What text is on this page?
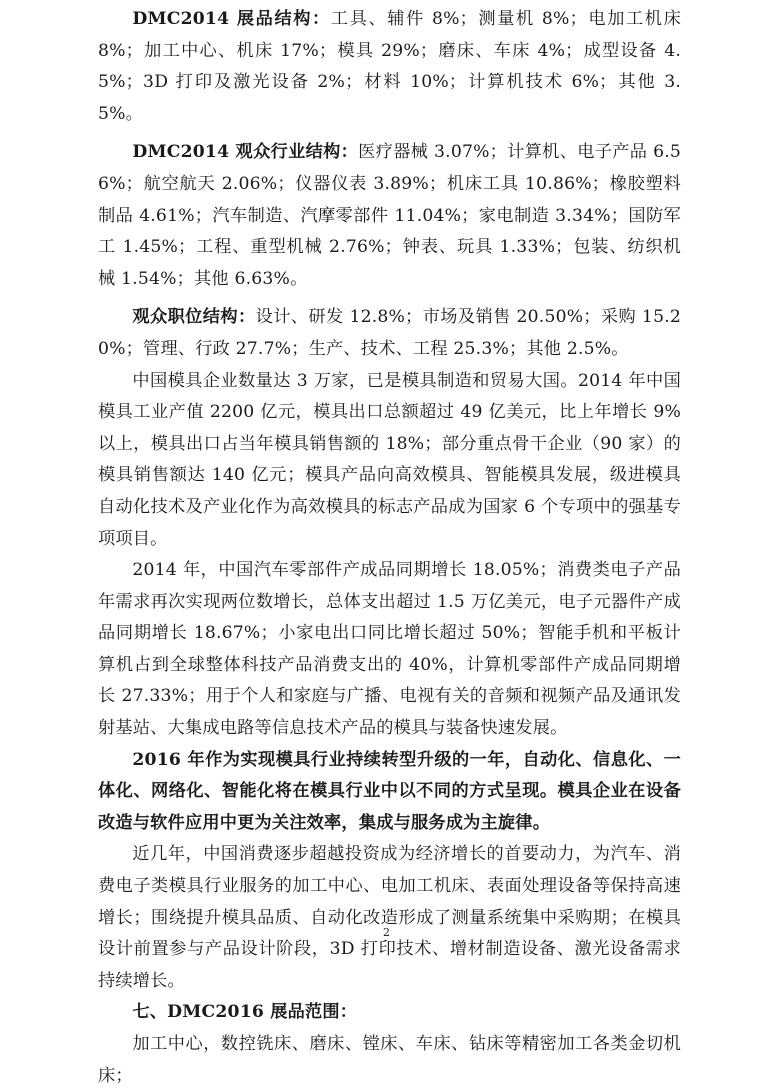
DMC2014 展品结构：工具、辅件 8%；测量机 8%；电加工机床 8%；加工中心、机床 17%；模具 29%；磨床、车床 4%；成型设备 4.5%；3D 打印及激光设备 2%；材料 10%；计算机技术 6%；其他 3.5%。

DMC2014 观众行业结构：医疗器械 3.07%；计算机、电子产品 6.56%；航空航天 2.06%；仪器仪表 3.89%；机床工具 10.86%；橡胶塑料制品 4.61%；汽车制造、汽摩零部件 11.04%；家电制造 3.34%；国防军工 1.45%；工程、重型机械 2.76%；钟表、玩具 1.33%；包装、纺织机械 1.54%；其他 6.63%。

观众职位结构：设计、研发 12.8%；市场及销售 20.50%；采购 15.20%；管理、行政 27.7%；生产、技术、工程 25.3%；其他 2.5%。

中国模具企业数量达 3 万家，已是模具制造和贸易大国。2014 年中国模具工业产值 2200 亿元，模具出口总额超过 49 亿美元，比上年增长 9%以上，模具出口占当年模具销售额的 18%；部分重点骨干企业（90 家）的模具销售额达 140 亿元；模具产品向高效模具、智能模具发展，级进模具自动化技术及产业化作为高效模具的标志产品成为国家 6 个专项中的强基专项项目。

2014 年，中国汽车零部件产成品同期增长 18.05%；消费类电子产品年需求再次实现两位数增长，总体支出超过 1.5 万亿美元，电子元器件产成品同期增长 18.67%；小家电出口同比增长超过 50%；智能手机和平板计算机占到全球整体科技产品消费支出的 40%，计算机零部件产成品同期增长 27.33%；用于个人和家庭与广播、电视有关的音频和视频产品及通讯发射基站、大集成电路等信息技术产品的模具与装备快速发展。

2016 年作为实现模具行业持续转型升级的一年，自动化、信息化、一体化、网络化、智能化将在模具行业中以不同的方式呈现。模具企业在设备改造与软件应用中更为关注效率，集成与服务成为主旋律。

近几年，中国消费逐步超越投资成为经济增长的首要动力，为汽车、消费电子类模具行业服务的加工中心、电加工机床、表面处理设备等保持高速增长；围绕提升模具品质、自动化改造形成了测量系统集中采购期；在模具设计前置参与产品设计阶段，3D 打印技术、增材制造设备、激光设备需求持续增长。

七、DMC2016 展品范围：

加工中心，数控铣床、磨床、镗床、车床、钻床等精密加工各类金切机床；

2
